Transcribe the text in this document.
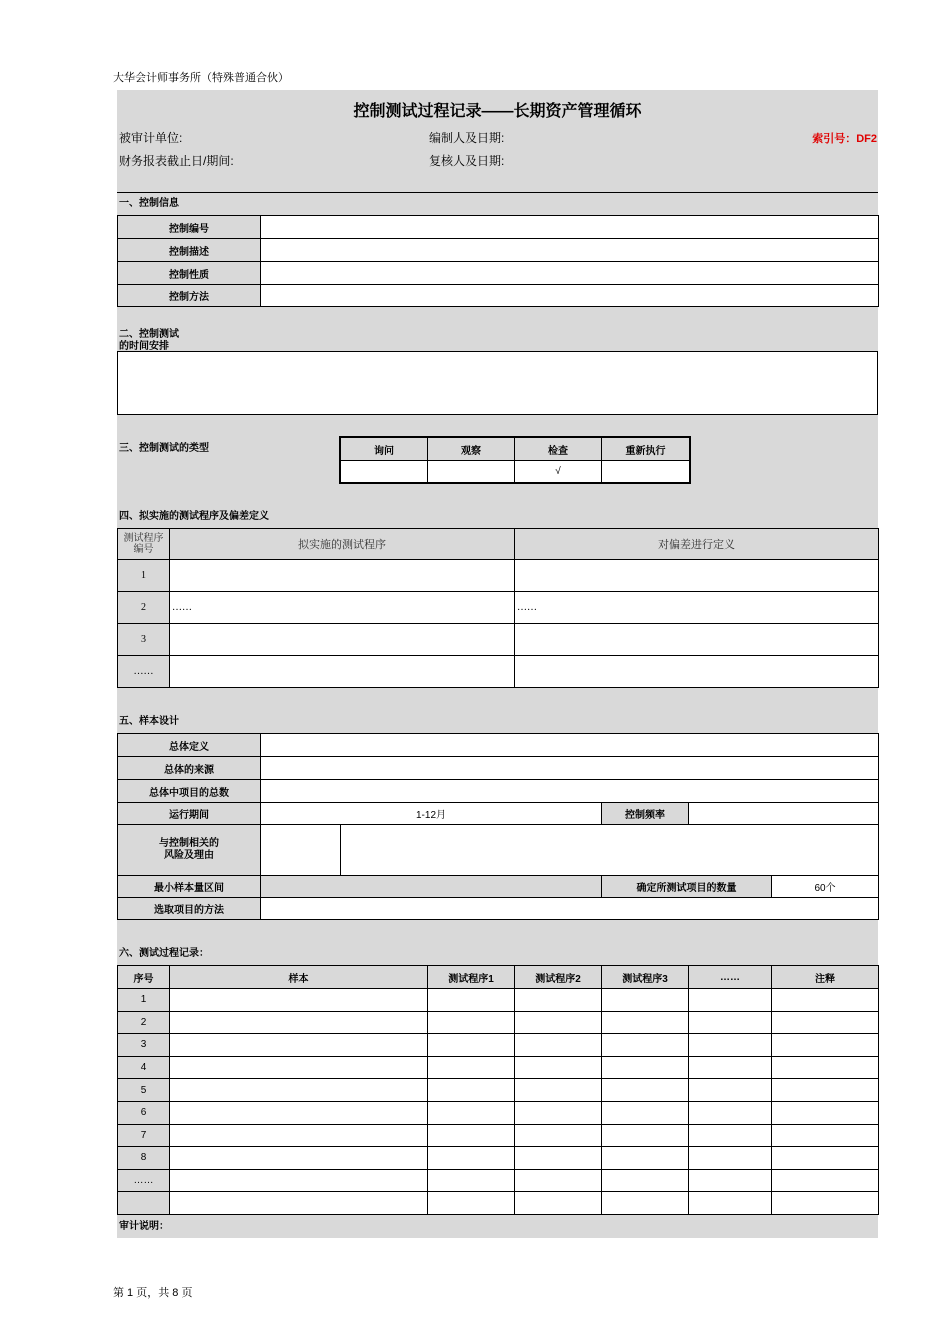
大华会计师事务所（特殊普通合伙）
控制测试过程记录——长期资产管理循环
被审计单位:	编制人及日期:	索引号：DF2
财务报表截止日/期间:	复核人及日期:
一、控制信息
控制编号	
控制描述	
控制性质	
控制方法	
二、控制测试
的时间安排
三、控制测试的类型	询问	观察	检查	重新执行
		√	
四、拟实施的测试程序及偏差定义
测试程序
编号	拟实施的测试程序	对偏差进行定义
1		
2	……	……
3		
……		
五、样本设计
总体定义					
总体的来源					
总体中项目的总数					
运行期间	1-12月		控制频率		

与控制相关的
风险及理由					

最小样本量区间			确定所测试项目的数量		60个
选取项目的方法					
六、测试过程记录：
序号	样本	测试程序1	测试程序2	测试程序3	……	注释
1						
2						
3						
4						
5						
6						
7						
8						
……						

审计说明：
第 1 页，共 8 页
